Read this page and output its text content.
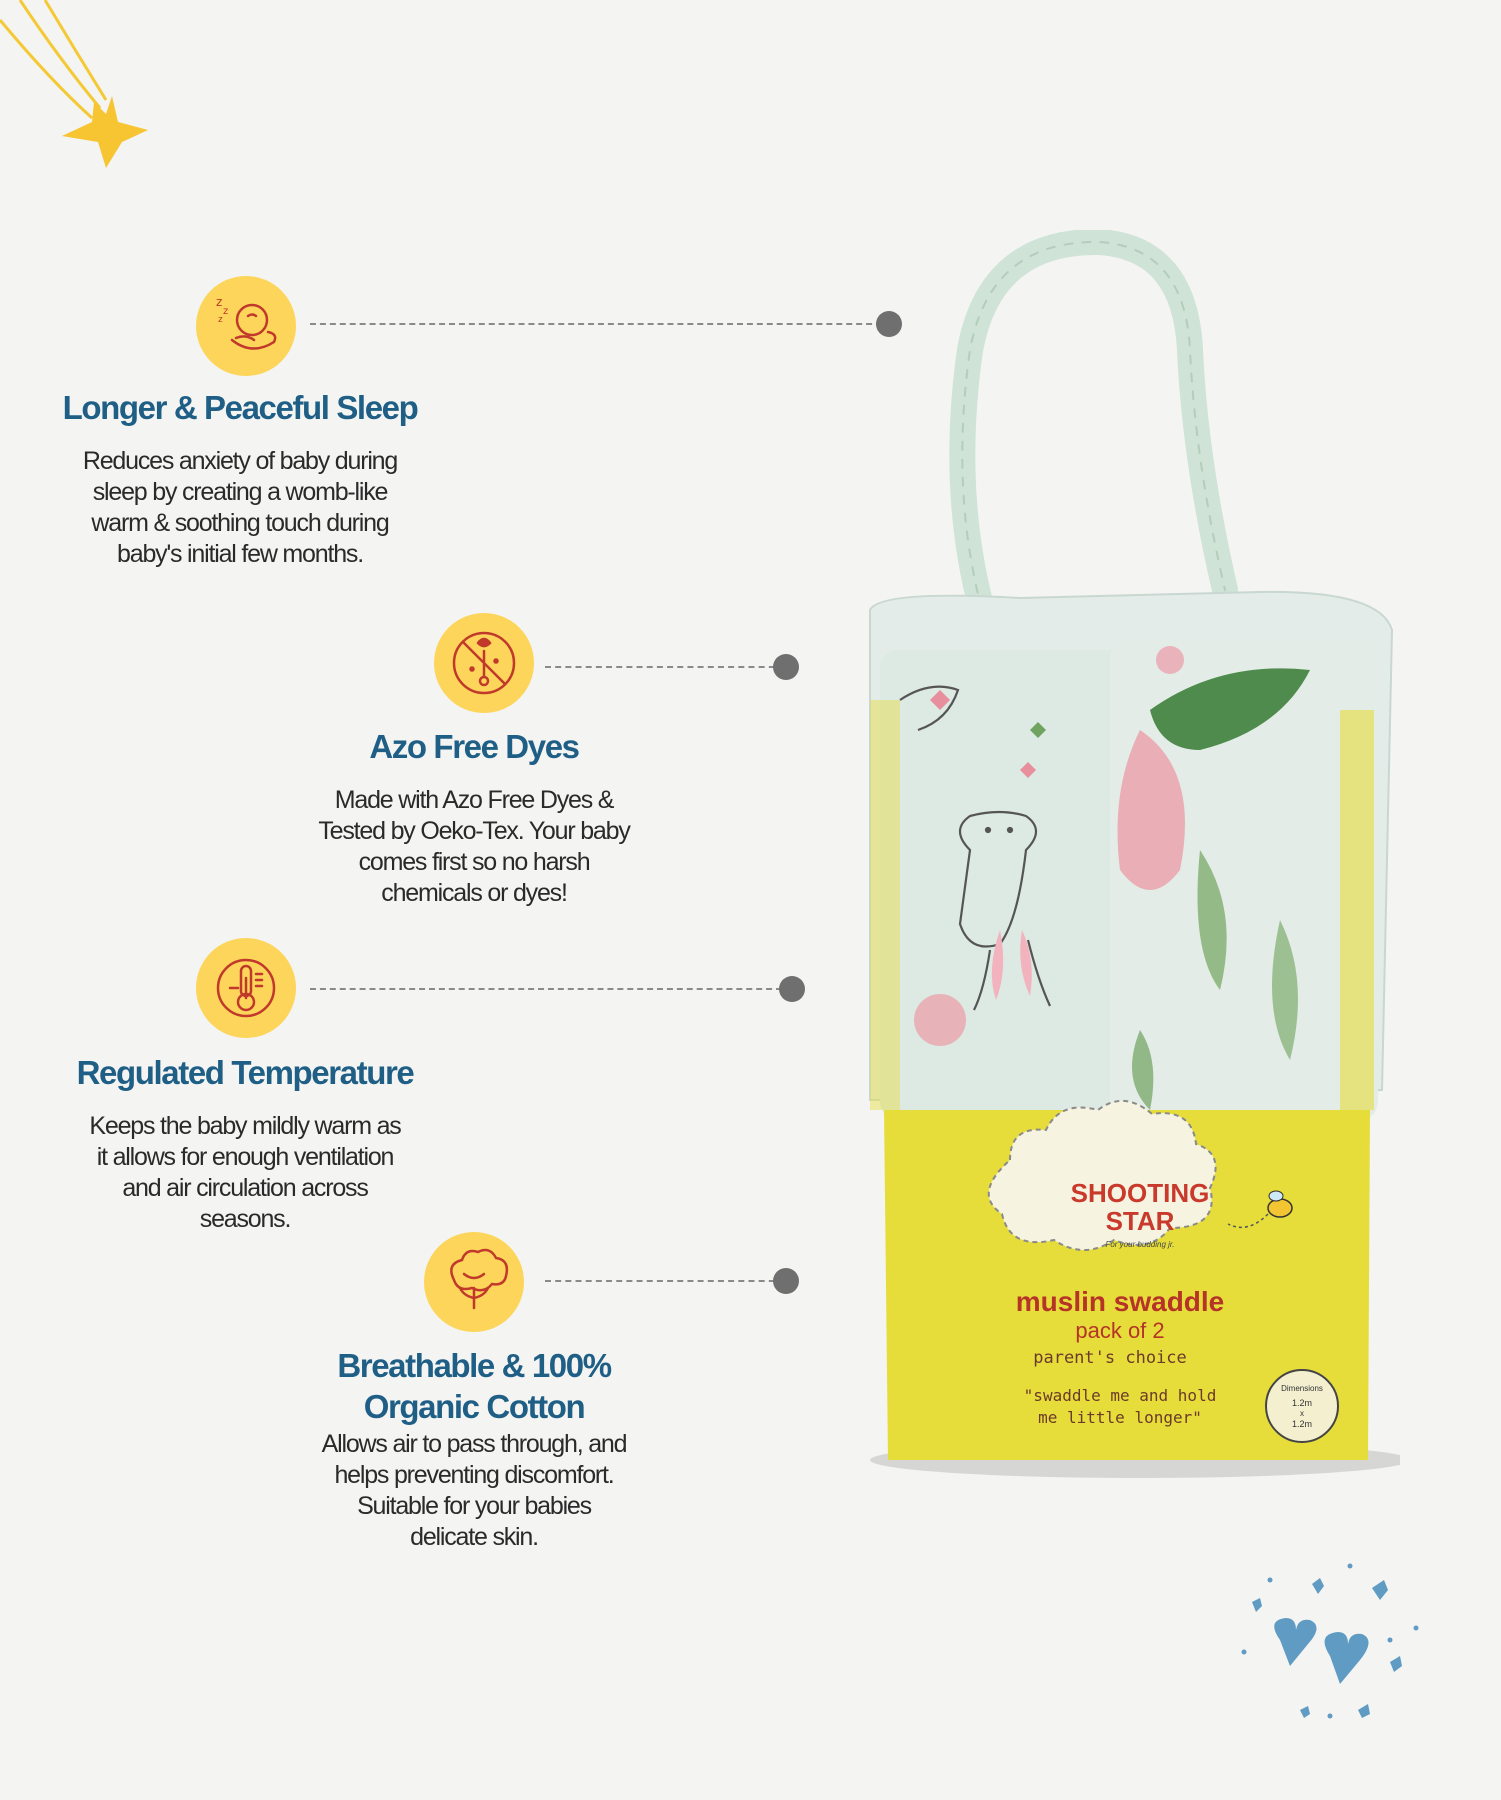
z
z
z
Longer & Peaceful Sleep
Reduces anxiety of baby during
sleep by creating a womb-like
warm & soothing touch during
baby's initial few months.
Azo Free Dyes
Made with Azo Free Dyes &
Tested by Oeko-Tex. Your baby
comes first so no harsh
chemicals or dyes!
Regulated Temperature
Keeps the baby mildly warm as
it allows for enough ventilation
and air circulation across
seasons.
Breathable & 100%
Organic Cotton
Allows air to pass through, and
helps preventing discomfort.
Suitable for your babies
delicate skin.
SHOOTING
STAR
For your budding jr.
muslin swaddle
pack of 2
parent's choice
"swaddle me and hold
me little longer"
Dimensions
1.2m
x
1.2m
